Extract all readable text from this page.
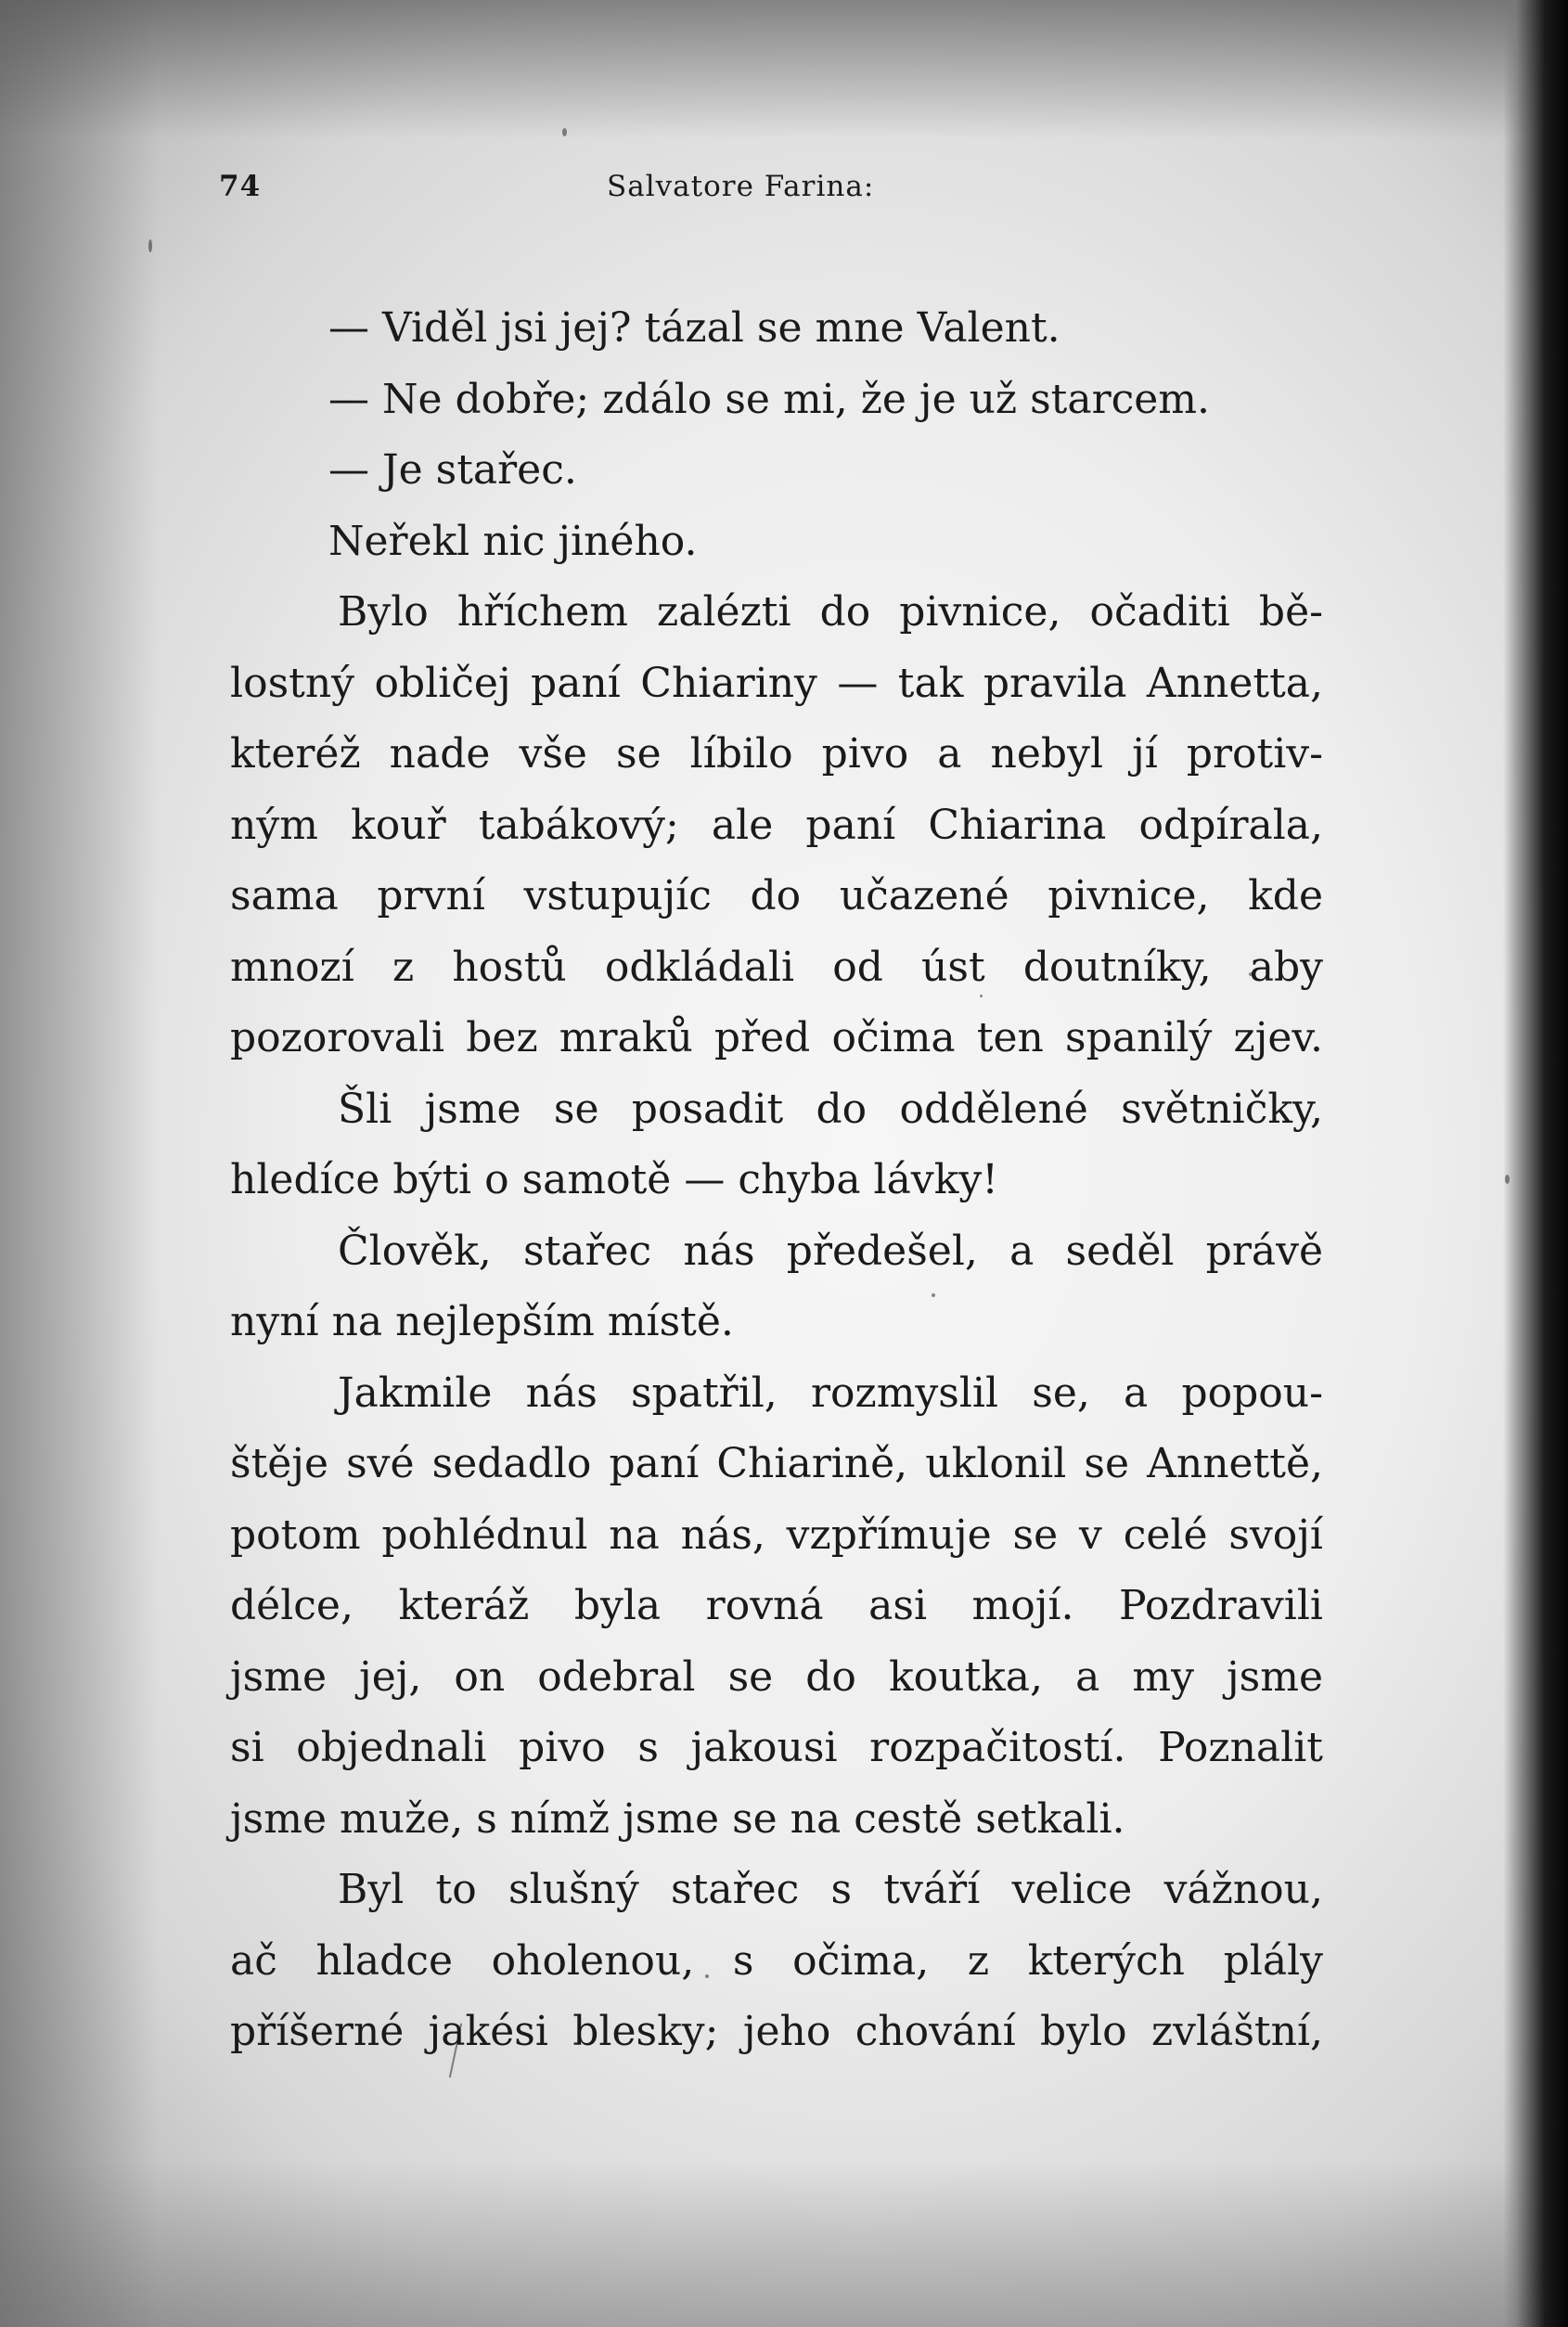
74	Salvatore Farina:
— Viděl jsi jej? tázal se mne Valent.
— Ne dobře; zdálo se mi, že je už starcem.
— Je stařec.
Neřekl nic jiného.
Bylo hříchem zalézti do pivnice, očaditi bě-
lostný obličej paní Chiariny — tak pravila Annetta,
kteréž nade vše se líbilo pivo a nebyl jí protiv-
ným kouř tabákový; ale paní Chiarina odpírala,
sama první vstupujíc do učazené pivnice, kde
mnozí z hostů odkládali od úst doutníky, aby
pozorovali bez mraků před očima ten spanilý zjev.
Šli jsme se posadit do oddělené světničky,
hledíce býti o samotě — chyba lávky!
Člověk, stařec nás předešel, a seděl právě
nyní na nejlepším místě.
Jakmile nás spatřil, rozmyslil se, a popou-
štěje své sedadlo paní Chiarině, uklonil se Annettě,
potom pohlédnul na nás, vzpřímuje se v celé svojí
délce, kteráž byla rovná asi mojí. Pozdravili
jsme jej, on odebral se do koutka, a my jsme
si objednali pivo s jakousi rozpačitostí. Poznalit
jsme muže, s nímž jsme se na cestě setkali.
Byl to slušný stařec s tváří velice vážnou,
ač hladce oholenou, s očima, z kterých plály
příšerné jakési blesky; jeho chování bylo zvláštní,
